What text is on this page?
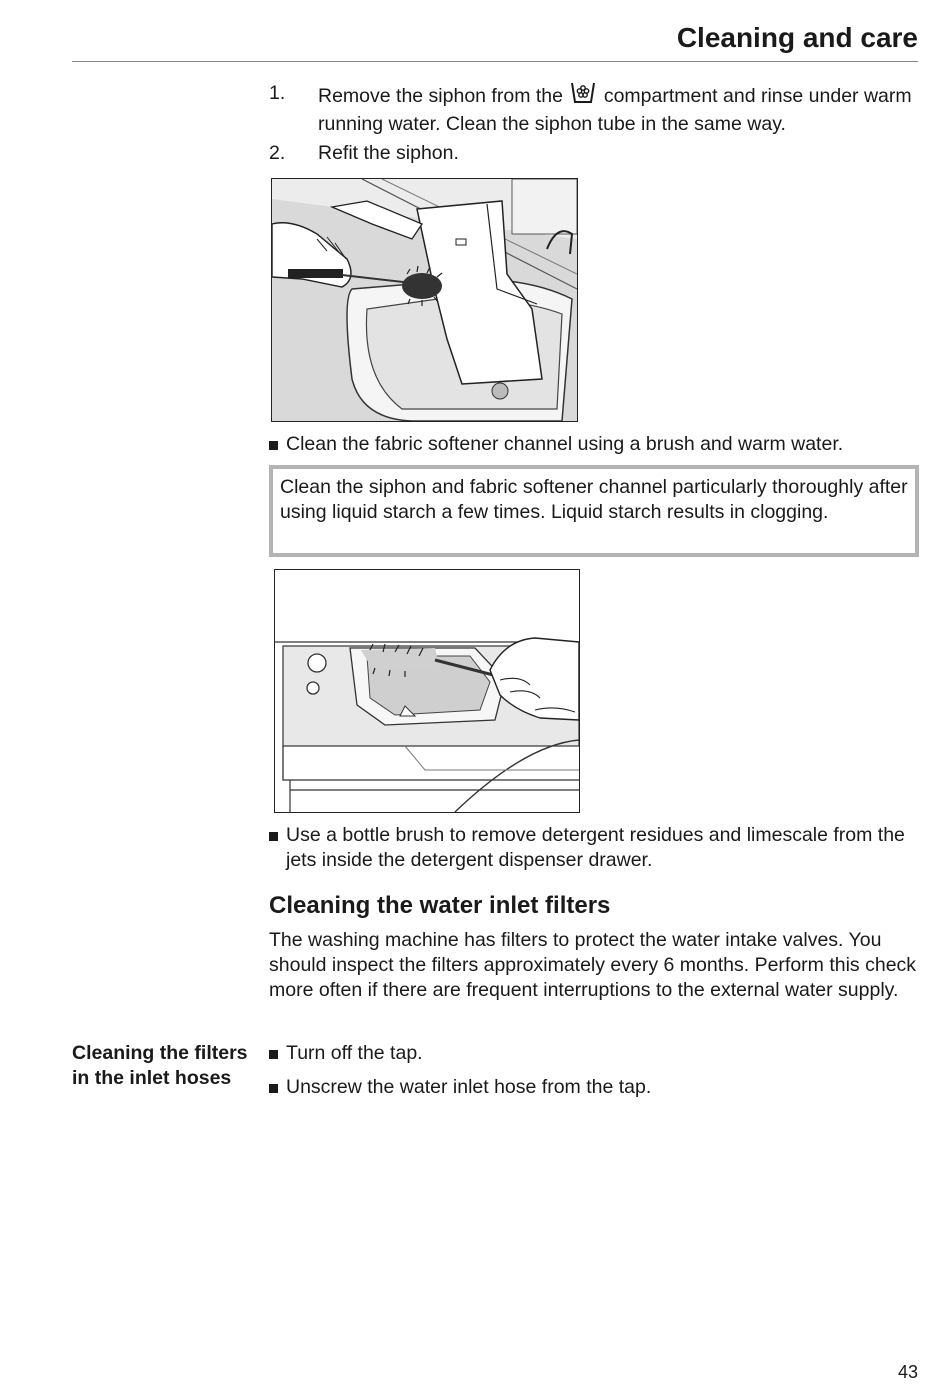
Cleaning and care
1. Remove the siphon from the compartment and rinse under warm running water. Clean the siphon tube in the same way.
2. Refit the siphon.
Clean the fabric softener channel using a brush and warm water.
Clean the siphon and fabric softener channel particularly thoroughly after using liquid starch a few times. Liquid starch results in clogging.
Use a bottle brush to remove detergent residues and limescale from the jets inside the detergent dispenser drawer.
Cleaning the water inlet filters
The washing machine has filters to protect the water intake valves. You should inspect the filters approximately every 6 months. Perform this check more often if there are frequent interruptions to the external water supply.
Cleaning the filters in the inlet hoses
Turn off the tap.
Unscrew the water inlet hose from the tap.
43
